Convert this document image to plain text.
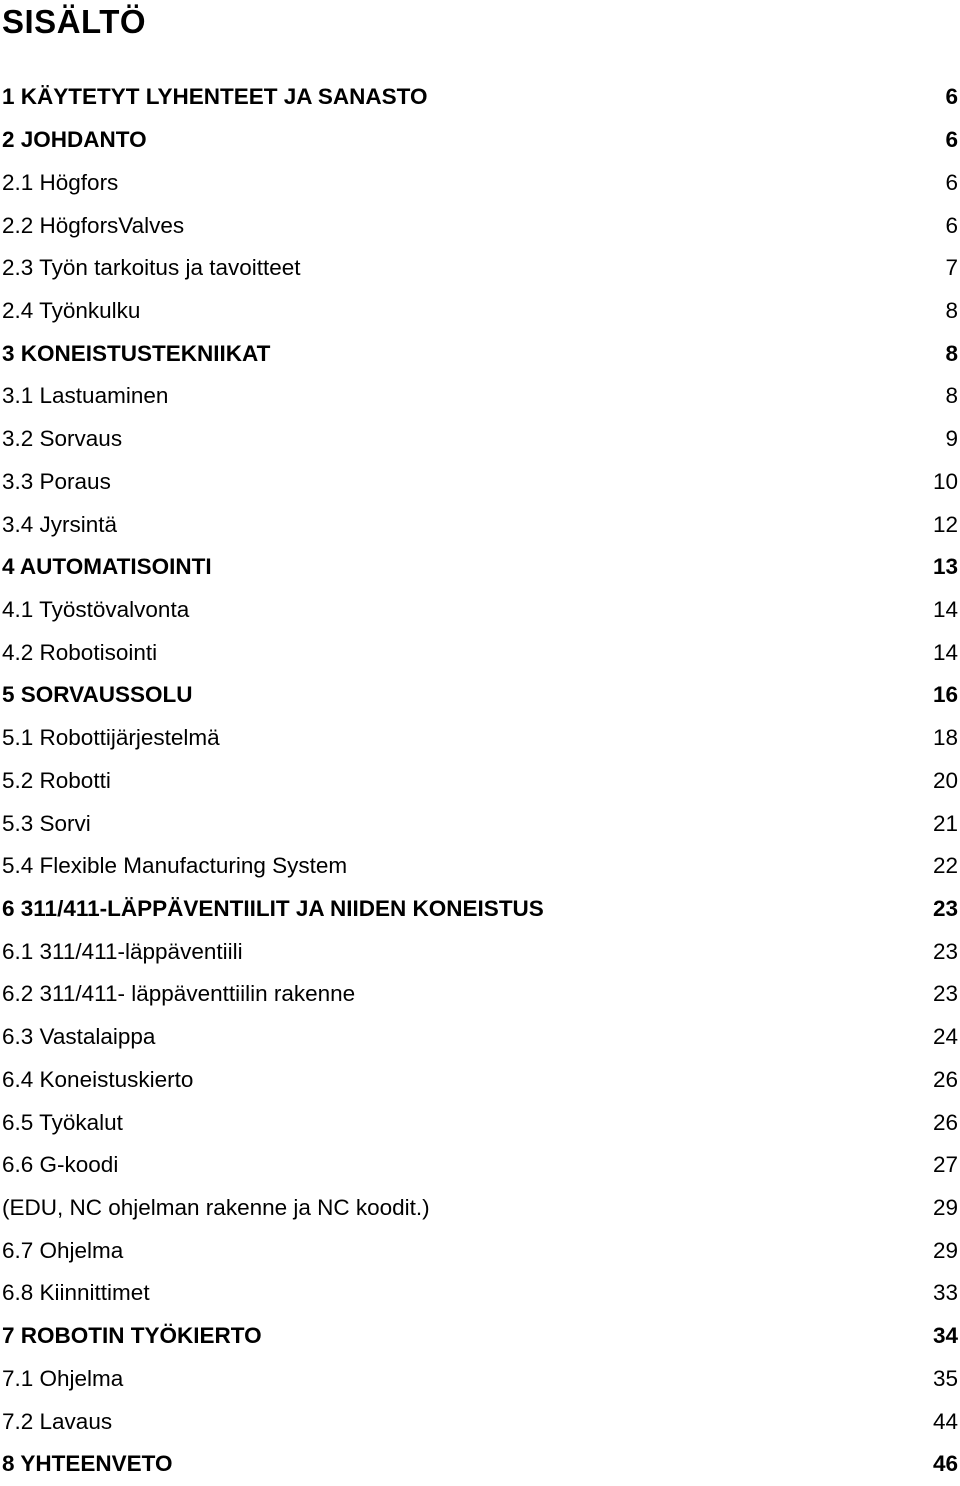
SISÄLTÖ
1 KÄYTETYT LYHENTEET JA SANASTO	6
2 JOHDANTO	6
2.1 Högfors	6
2.2 HögforsValves	6
2.3 Työn tarkoitus ja tavoitteet	7
2.4 Työnkulku	8
3 KONEISTUSTEKNIIKAT	8
3.1 Lastuaminen	8
3.2 Sorvaus	9
3.3 Poraus	10
3.4 Jyrsintä	12
4 AUTOMATISOINTI	13
4.1 Työstövalvonta	14
4.2 Robotisointi	14
5 SORVAUSSOLU	16
5.1 Robottijärjestelmä	18
5.2 Robotti	20
5.3 Sorvi	21
5.4 Flexible Manufacturing System	22
6 311/411-LÄPPÄVENTIILIT JA NIIDEN KONEISTUS	23
6.1 311/411-läppäventiili	23
6.2 311/411- läppäventtiilin rakenne	23
6.3 Vastalaippa	24
6.4 Koneistuskierto	26
6.5 Työkalut	26
6.6 G-koodi	27
(EDU, NC ohjelman rakenne ja NC koodit.)	29
6.7 Ohjelma	29
6.8 Kiinnittimet	33
7 ROBOTIN TYÖKIERTO	34
7.1 Ohjelma	35
7.2 Lavaus	44
8 YHTEENVETO	46
